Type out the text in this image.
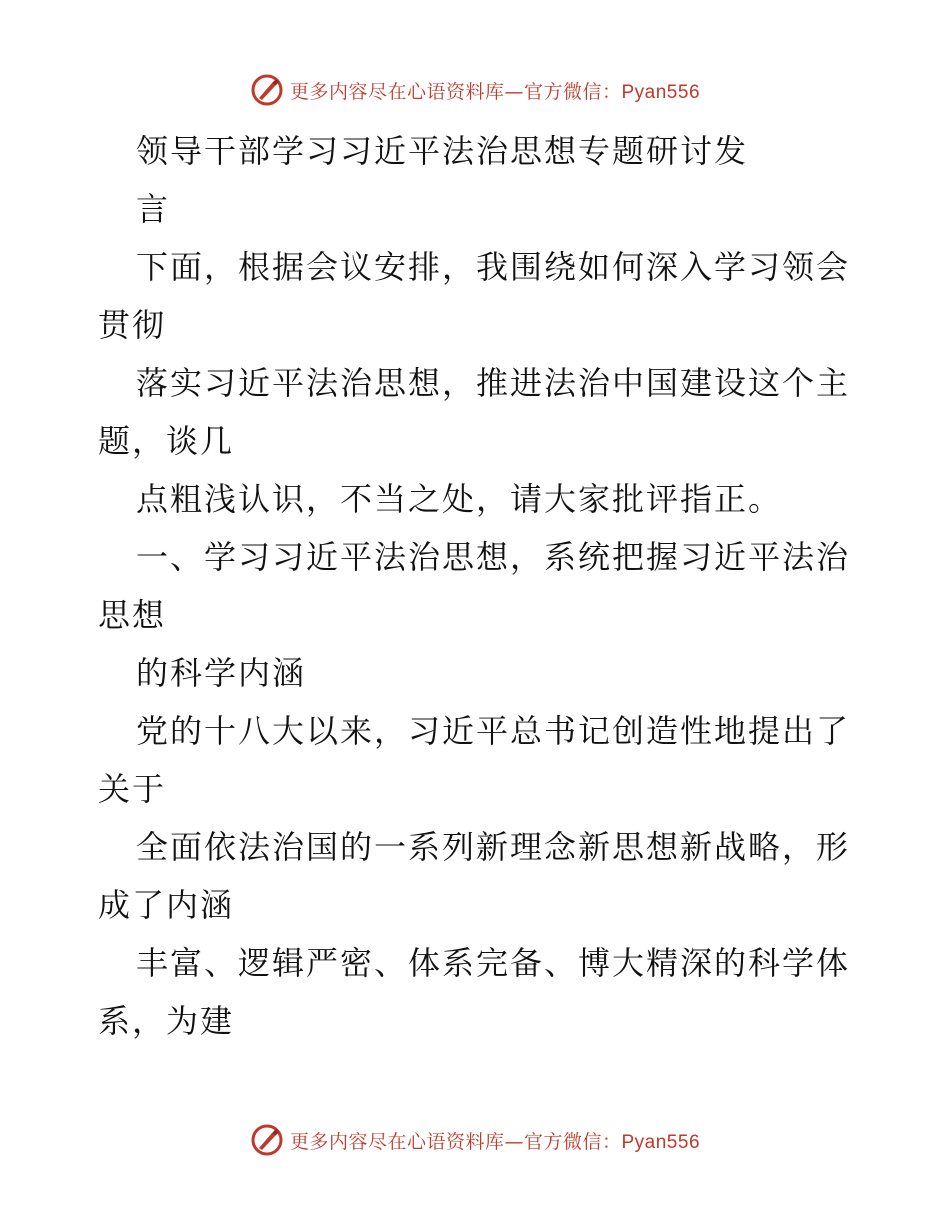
更多内容尽在心语资料库—官方微信：Pyan556
领导干部学习习近平法治思想专题研讨发
言
下面，根据会议安排，我围绕如何深入学习领会
贯彻
落实习近平法治思想，推进法治中国建设这个主
题，谈几
点粗浅认识，不当之处，请大家批评指正。
一、学习习近平法治思想，系统把握习近平法治
思想
的科学内涵
党的十八大以来，习近平总书记创造性地提出了
关于
全面依法治国的一系列新理念新思想新战略，形
成了内涵
丰富、逻辑严密、体系完备、博大精深的科学体
系，为建
更多内容尽在心语资料库—官方微信：Pyan556
